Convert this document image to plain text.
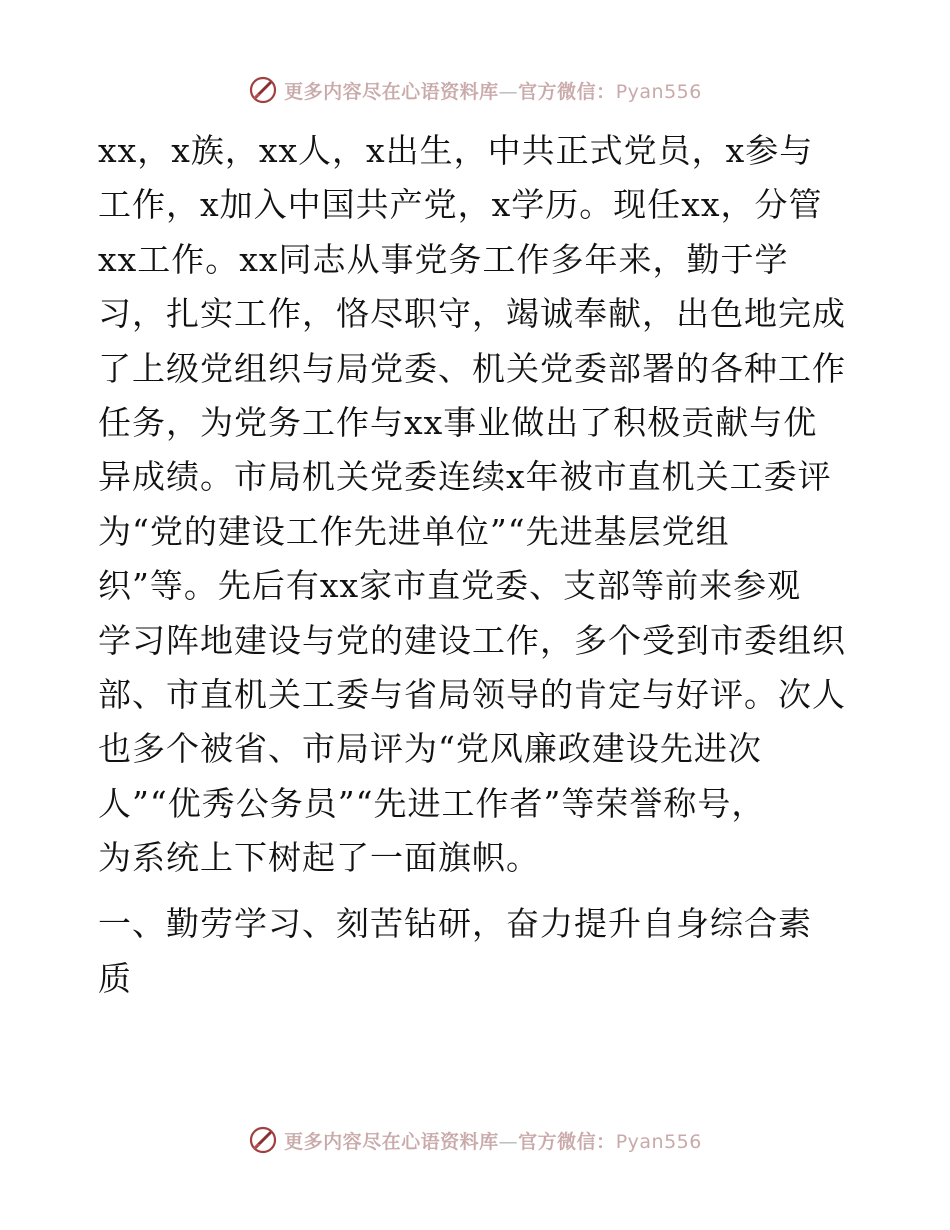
更多内容尽在心语资料库—官方微信：Pyan556
xx，x族，xx人，x出生，中共正式党员，x参与
工作，x加入中国共产党，x学历。现任xx，分管
xx工作。xx同志从事党务工作多年来，勤于学
习，扎实工作，恪尽职守，竭诚奉献，出色地完成
了上级党组织与局党委、机关党委部署的各种工作
任务，为党务工作与xx事业做出了积极贡献与优
异成绩。市局机关党委连续x年被市直机关工委评
为“党的建设工作先进单位”“先进基层党组
织”等。先后有xx家市直党委、支部等前来参观
学习阵地建设与党的建设工作，多个受到市委组织
部、市直机关工委与省局领导的肯定与好评。次人
也多个被省、市局评为“党风廉政建设先进次
人”“优秀公务员”“先进工作者”等荣誉称号，
为系统上下树起了一面旗帜。
一、勤劳学习、刻苦钻研，奋力提升自身综合素
质
更多内容尽在心语资料库—官方微信：Pyan556
